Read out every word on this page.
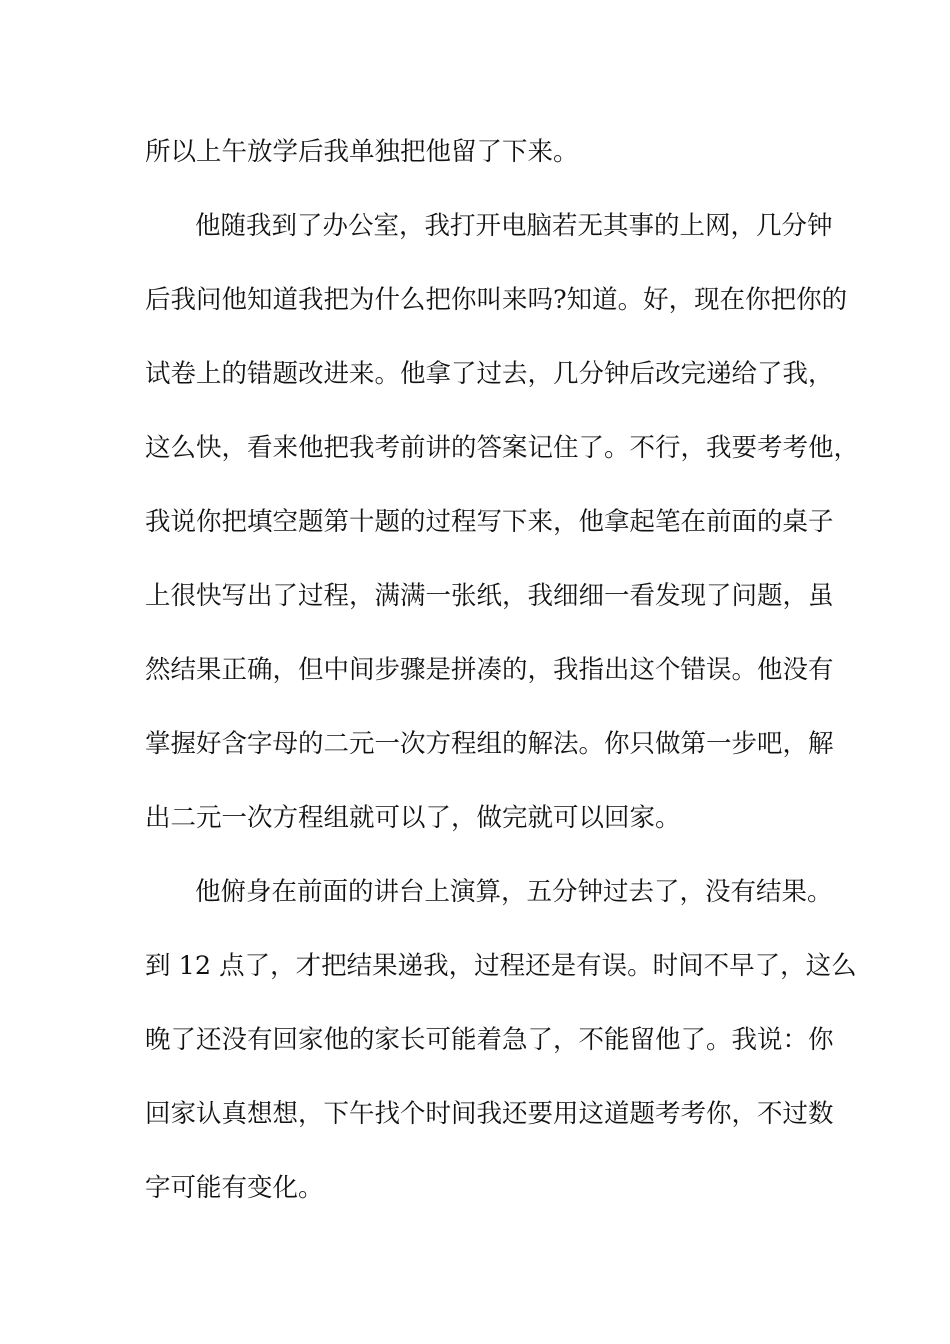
所以上午放学后我单独把他留了下来。

他随我到了办公室，我打开电脑若无其事的上网，几分钟

后我问他知道我把为什么把你叫来吗?知道。好，现在你把你的

试卷上的错题改进来。他拿了过去，几分钟后改完递给了我，

这么快，看来他把我考前讲的答案记住了。不行，我要考考他，

我说你把填空题第十题的过程写下来，他拿起笔在前面的桌子

上很快写出了过程，满满一张纸，我细细一看发现了问题，虽

然结果正确，但中间步骤是拼凑的，我指出这个错误。他没有

掌握好含字母的二元一次方程组的解法。你只做第一步吧，解

出二元一次方程组就可以了，做完就可以回家。

他俯身在前面的讲台上演算，五分钟过去了，没有结果。

到 12 点了，才把结果递我，过程还是有误。时间不早了，这么

晚了还没有回家他的家长可能着急了，不能留他了。我说：你

回家认真想想，下午找个时间我还要用这道题考考你，不过数

字可能有变化。
